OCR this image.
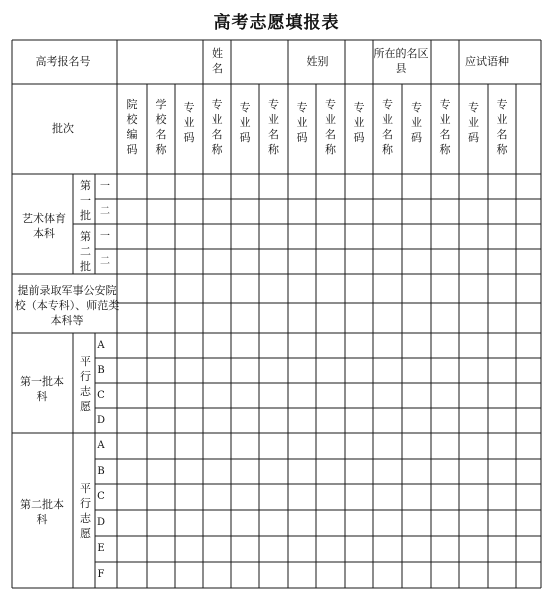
高考志愿填报表
高考报名号
姓名
姓别
所在的名区县
应试语种
批次
院校编码
学校名称
专业码
专业名称
专业码
专业名称
专业码
专业名称
专业码
专业名称
专业码
专业名称
专业码
专业名称
艺术体育本科
第一批
第二批
一
二
一
二
提前录取军事公安院校（本专科）、师范类本科等
第一批本科
平行志愿
第二批本科
平行志愿
A
B
C
D
A
B
C
D
E
F
